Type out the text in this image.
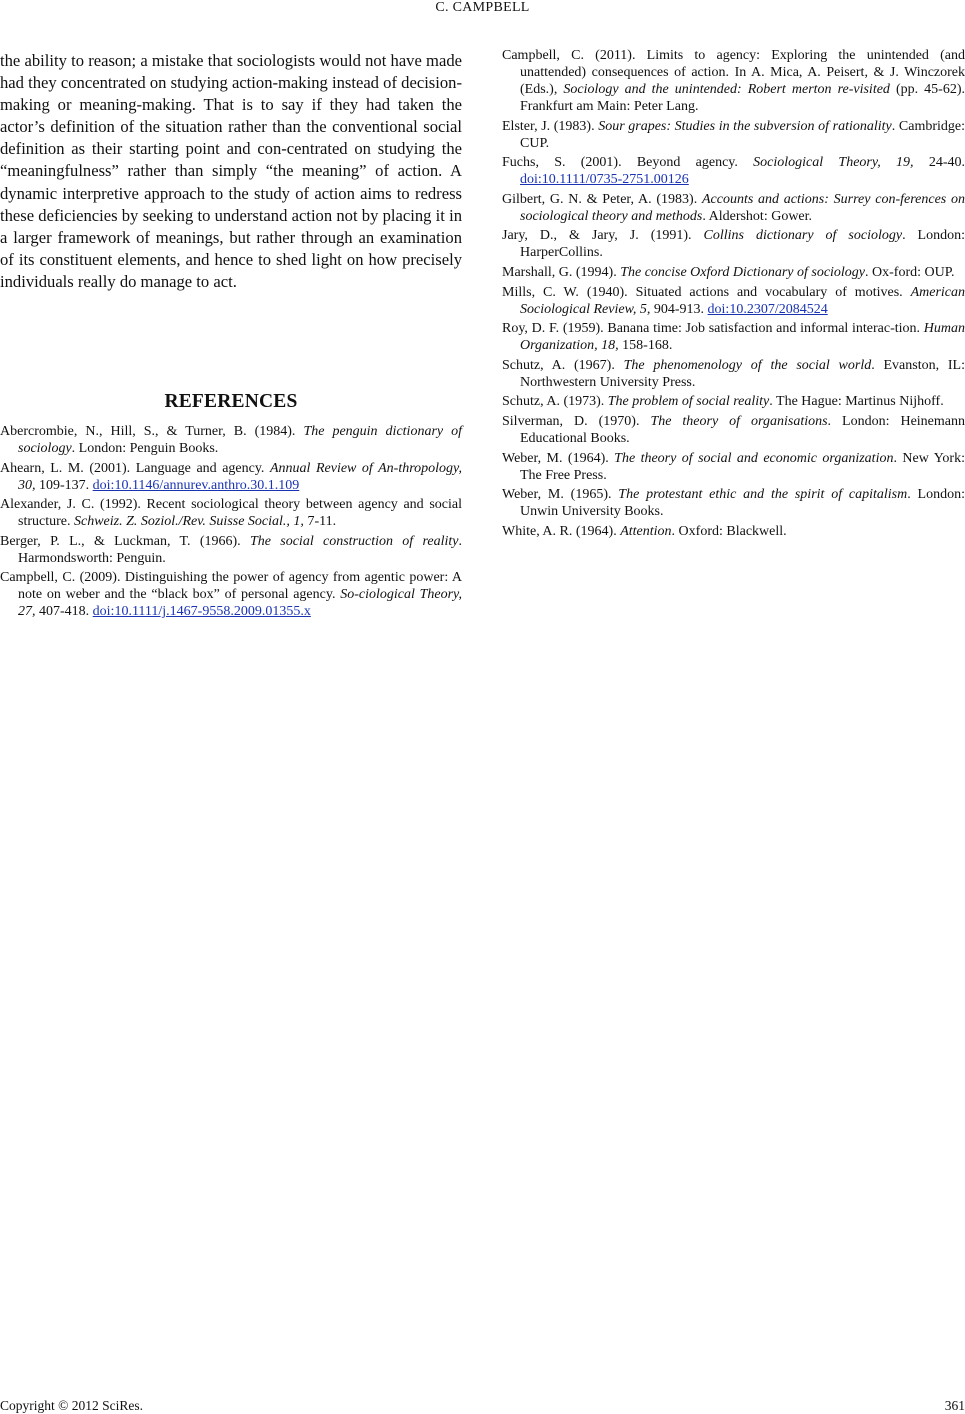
C. CAMPBELL

the ability to reason; a mistake that sociologists would not have made had they concentrated on studying action-making instead of decision-making or meaning-making. That is to say if they had taken the actor’s definition of the situation rather than the conventional social definition as their starting point and con-centrated on studying the “meaningfulness” rather than simply “the meaning” of action. A dynamic interpretive approach to the study of action aims to redress these deficiencies by seeking to understand action not by placing it in a larger framework of meanings, but rather through an examination of its constituent elements, and hence to shed light on how precisely individuals really do manage to act.

REFERENCES

Abercrombie, N., Hill, S., & Turner, B. (1984). The penguin dictionary of sociology. London: Penguin Books.

Ahearn, L. M. (2001). Language and agency. Annual Review of An-thropology, 30, 109-137. doi:10.1146/annurev.anthro.30.1.109

Alexander, J. C. (1992). Recent sociological theory between agency and social structure. Schweiz. Z. Soziol./Rev. Suisse Social., 1, 7-11.

Berger, P. L., & Luckman, T. (1966). The social construction of reality. Harmondsworth: Penguin.

Campbell, C. (2009). Distinguishing the power of agency from agentic power: A note on weber and the “black box” of personal agency. So-ciological Theory, 27, 407-418. doi:10.1111/j.1467-9558.2009.01355.x

Campbell, C. (2011). Limits to agency: Exploring the unintended (and unattended) consequences of action. In A. Mica, A. Peisert, & J. Winczorek (Eds.), Sociology and the unintended: Robert merton re-visited (pp. 45-62). Frankfurt am Main: Peter Lang.

Elster, J. (1983). Sour grapes: Studies in the subversion of rationality. Cambridge: CUP.

Fuchs, S. (2001). Beyond agency. Sociological Theory, 19, 24-40. doi:10.1111/0735-2751.00126

Gilbert, G. N. & Peter, A. (1983). Accounts and actions: Surrey con-ferences on sociological theory and methods. Aldershot: Gower.

Jary, D., & Jary, J. (1991). Collins dictionary of sociology. London: HarperCollins.

Marshall, G. (1994). The concise Oxford Dictionary of sociology. Ox-ford: OUP.

Mills, C. W. (1940). Situated actions and vocabulary of motives. American Sociological Review, 5, 904-913. doi:10.2307/2084524

Roy, D. F. (1959). Banana time: Job satisfaction and informal interac-tion. Human Organization, 18, 158-168.

Schutz, A. (1967). The phenomenology of the social world. Evanston, IL: Northwestern University Press.

Schutz, A. (1973). The problem of social reality. The Hague: Martinus Nijhoff.

Silverman, D. (1970). The theory of organisations. London: Heinemann Educational Books.

Weber, M. (1964). The theory of social and economic organization. New York: The Free Press.

Weber, M. (1965). The protestant ethic and the spirit of capitalism. London: Unwin University Books.

White, A. R. (1964). Attention. Oxford: Blackwell.

Copyright © 2012 SciRes.	361
